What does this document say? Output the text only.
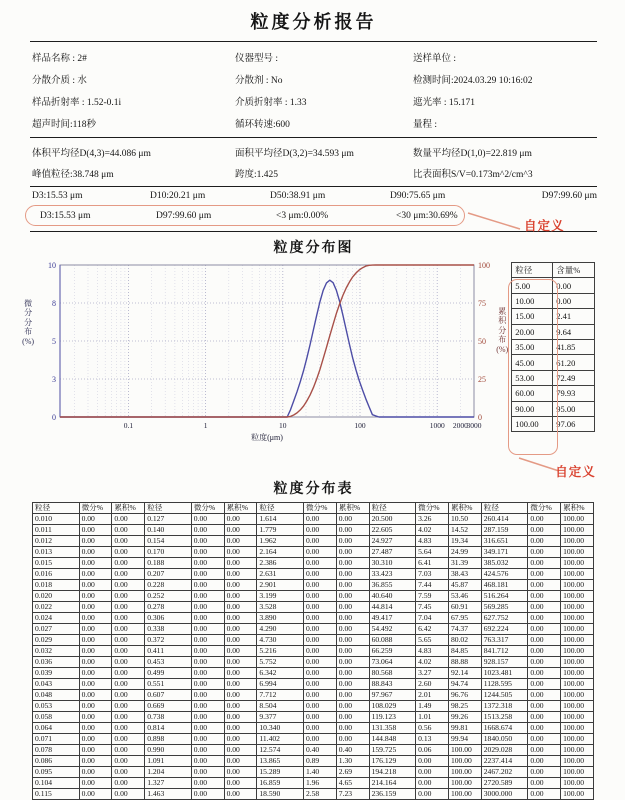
粒度分析报告
样品名称 : 2#	仪器型号 :	送样单位 :
分散介质 : 水	分散剂 : No	检测时间:2024.03.29 10:16:02
样品折射率 : 1.52-0.1i	介质折射率 : 1.33	遮光率 : 15.171
超声时间:118秒	循环转速:600	量程 :
体积平均径D(4,3)=44.086 μm	面积平均径D(3,2)=34.593 μm	数量平均径D(1,0)=22.819 μm
峰值粒径:38.748 μm	跨度:1.425	比表面积S/V=0.173m^2/cm^3
D3:15.53 μm	D10:20.21 μm	D50:38.91 μm	D90:75.65 μm	D97:99.60 μm
D3:15.53 μm	D97:99.60 μm	<3 μm:0.00%	<30 μm:30.69%
自定义
粒度分布图
微
分
分
布
(%)
0.1	1	10	100	1000 2000
3000
0
3
5
8
10
0
25
50
75
100
粒度(μm)
累
积
分
布
(%)
粒径	含量%
5.00	0.00
10.00	0.00
15.00	2.41
20.00	9.64
35.00	41.85
45.00	61.20
53.00	72.49
60.00	79.93
90.00	95.00
100.00	97.06
自定义
粒度分布表
粒径	微分%	累积%	粒径	微分%	累积%	粒径	微分%	累积%	粒径	微分%	累积%	粒径	微分%	累积%
0.010	0.00	0.00	0.127	0.00	0.00	1.614	0.00	0.00	20.500	3.26	10.50	260.414	0.00	100.00
0.011	0.00	0.00	0.140	0.00	0.00	1.779	0.00	0.00	22.605	4.02	14.52	287.159	0.00	100.00
0.012	0.00	0.00	0.154	0.00	0.00	1.962	0.00	0.00	24.927	4.83	19.34	316.651	0.00	100.00
0.013	0.00	0.00	0.170	0.00	0.00	2.164	0.00	0.00	27.487	5.64	24.99	349.171	0.00	100.00
0.015	0.00	0.00	0.188	0.00	0.00	2.386	0.00	0.00	30.310	6.41	31.39	385.032	0.00	100.00
0.016	0.00	0.00	0.207	0.00	0.00	2.631	0.00	0.00	33.423	7.03	38.43	424.576	0.00	100.00
0.018	0.00	0.00	0.228	0.00	0.00	2.901	0.00	0.00	36.855	7.44	45.87	468.181	0.00	100.00
0.020	0.00	0.00	0.252	0.00	0.00	3.199	0.00	0.00	40.640	7.59	53.46	516.264	0.00	100.00
0.022	0.00	0.00	0.278	0.00	0.00	3.528	0.00	0.00	44.814	7.45	60.91	569.285	0.00	100.00
0.024	0.00	0.00	0.306	0.00	0.00	3.890	0.00	0.00	49.417	7.04	67.95	627.752	0.00	100.00
0.027	0.00	0.00	0.338	0.00	0.00	4.290	0.00	0.00	54.492	6.42	74.37	692.224	0.00	100.00
0.029	0.00	0.00	0.372	0.00	0.00	4.730	0.00	0.00	60.088	5.65	80.02	763.317	0.00	100.00
0.032	0.00	0.00	0.411	0.00	0.00	5.216	0.00	0.00	66.259	4.83	84.85	841.712	0.00	100.00
0.036	0.00	0.00	0.453	0.00	0.00	5.752	0.00	0.00	73.064	4.02	88.88	928.157	0.00	100.00
0.039	0.00	0.00	0.499	0.00	0.00	6.342	0.00	0.00	80.568	3.27	92.14	1023.481	0.00	100.00
0.043	0.00	0.00	0.551	0.00	0.00	6.994	0.00	0.00	88.843	2.60	94.74	1128.595	0.00	100.00
0.048	0.00	0.00	0.607	0.00	0.00	7.712	0.00	0.00	97.967	2.01	96.76	1244.505	0.00	100.00
0.053	0.00	0.00	0.669	0.00	0.00	8.504	0.00	0.00	108.029	1.49	98.25	1372.318	0.00	100.00
0.058	0.00	0.00	0.738	0.00	0.00	9.377	0.00	0.00	119.123	1.01	99.26	1513.258	0.00	100.00
0.064	0.00	0.00	0.814	0.00	0.00	10.340	0.00	0.00	131.358	0.56	99.81	1668.674	0.00	100.00
0.071	0.00	0.00	0.898	0.00	0.00	11.402	0.00	0.00	144.848	0.13	99.94	1840.050	0.00	100.00
0.078	0.00	0.00	0.990	0.00	0.00	12.574	0.40	0.40	159.725	0.06	100.00	2029.028	0.00	100.00
0.086	0.00	0.00	1.091	0.00	0.00	13.865	0.89	1.30	176.129	0.00	100.00	2237.414	0.00	100.00
0.095	0.00	0.00	1.204	0.00	0.00	15.289	1.40	2.69	194.218	0.00	100.00	2467.202	0.00	100.00
0.104	0.00	0.00	1.327	0.00	0.00	16.859	1.96	4.65	214.164	0.00	100.00	2720.589	0.00	100.00
0.115	0.00	0.00	1.463	0.00	0.00	18.590	2.58	7.23	236.159	0.00	100.00	3000.000	0.00	100.00
